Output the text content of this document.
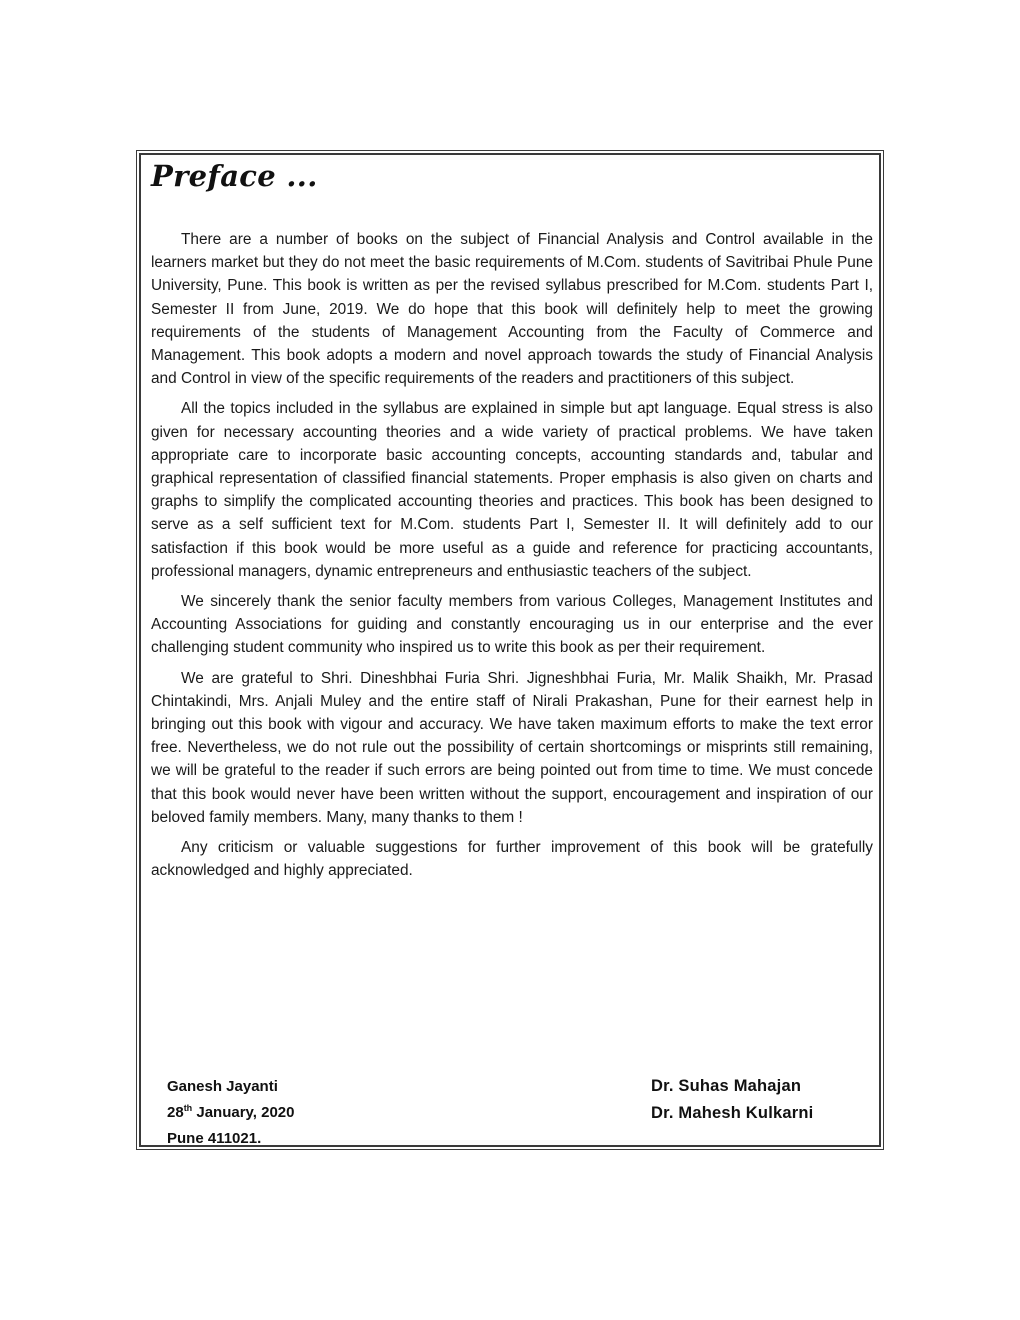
Preface ...

There are a number of books on the subject of Financial Analysis and Control available in the learners market but they do not meet the basic requirements of M.Com. students of Savitribai Phule Pune University, Pune. This book is written as per the revised syllabus prescribed for M.Com. students Part I, Semester II from June, 2019. We do hope that this book will definitely help to meet the growing requirements of the students of Management Accounting from the Faculty of Commerce and Management. This book adopts a modern and novel approach towards the study of Financial Analysis and Control in view of the specific requirements of the readers and practitioners of this subject.

All the topics included in the syllabus are explained in simple but apt language. Equal stress is also given for necessary accounting theories and a wide variety of practical problems. We have taken appropriate care to incorporate basic accounting concepts, accounting standards and, tabular and graphical representation of classified financial statements. Proper emphasis is also given on charts and graphs to simplify the complicated accounting theories and practices. This book has been designed to serve as a self sufficient text for M.Com. students Part I, Semester II. It will definitely add to our satisfaction if this book would be more useful as a guide and reference for practicing accountants, professional managers, dynamic entrepreneurs and enthusiastic teachers of the subject.

We sincerely thank the senior faculty members from various Colleges, Management Institutes and Accounting Associations for guiding and constantly encouraging us in our enterprise and the ever challenging student community who inspired us to write this book as per their requirement.

We are grateful to Shri. Dineshbhai Furia Shri. Jigneshbhai Furia, Mr. Malik Shaikh, Mr. Prasad Chintakindi, Mrs. Anjali Muley and the entire staff of Nirali Prakashan, Pune for their earnest help in bringing out this book with vigour and accuracy. We have taken maximum efforts to make the text error free. Nevertheless, we do not rule out the possibility of certain shortcomings or misprints still remaining, we will be grateful to the reader if such errors are being pointed out from time to time. We must concede that this book would never have been written without the support, encouragement and inspiration of our beloved family members. Many, many thanks to them !

Any criticism or valuable suggestions for further improvement of this book will be gratefully acknowledged and highly appreciated.

Ganesh Jayanti
28th January, 2020
Pune 411021.
Dr. Suhas Mahajan
Dr. Mahesh Kulkarni
